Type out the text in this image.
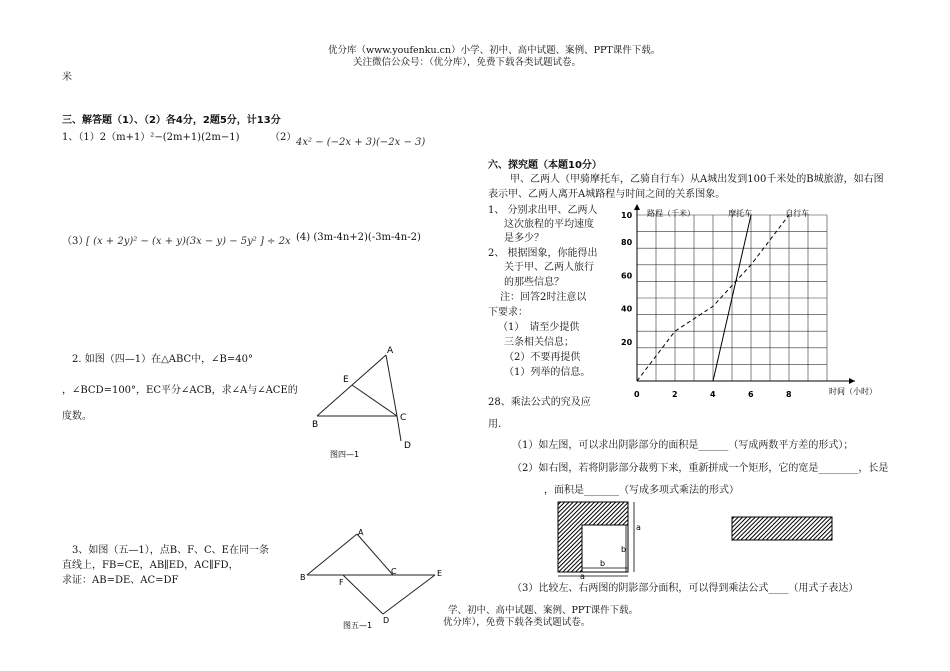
优分库（www.youfenku.cn）小学、初中、高中试题、案例、PPT课件下载。
关注微信公众号：（优分库），免费下载各类试题试卷。
米
三、解答题（1）、（2）各4分，2题5分，计13分
1、（1）2（m+1）²−(2m+1)(2m−1)	（2） 4x² − (−2x + 3)(−2x − 3)
（3）
[ (x + 2y)² − (x + y)(3x − y) − 5y² ] ÷ 2x (4) (3m-4n+2)(-3m-4n-2)
2. 如图（四—1）在△ABC中，∠B=40°
，∠BCD=100°，EC平分∠ACB，求∠A与∠ACE的
度数。
A
E
B
C
D
图四—1
3、如图（五—1），点B、F、C、E在同一条
直线上，FB=CE，AB∥ED，AC∥FD，
求证：AB=DE、AC=DF
A
B
F
C	E
D
图五—1
六、探究题（本题10分）
甲、乙两人（甲骑摩托车，乙骑自行车）从A城出发到100千米处的B城旅游，如右图
表示甲、乙两人离开A城路程与时间之间的关系图象。
1、 分别求出甲、乙两人
这次旅程的平均速度
是多少？
2、 根据图象，你能得出
关于甲、乙两人旅行
的那些信息？
注：回答2时注意以
下要求：
（1）　请至少提供
三条相关信息；
（2）不要再提供
（1）列举的信息。
0	2	4	6	8
20
40
60
80
10 路程（千米）
时间（小时）
摩托车	自行车
28、乘法公式的究及应
用.
（1）如左图，可以求出阴影部分的面积是______（写成两数平方差的形式）；
（2）如右图，若将阴影部分裁剪下来，重新拼成一个矩形，它的宽是________，长是
，面积是_______（写成多项式乘法的形式）
a
b
b
a
（3）比较左、右两图的阴影部分面积，可以得到乘法公式____（用式子表达）
学、初中、高中试题、案例、PPT课件下载。
优分库），免费下载各类试题试卷。
